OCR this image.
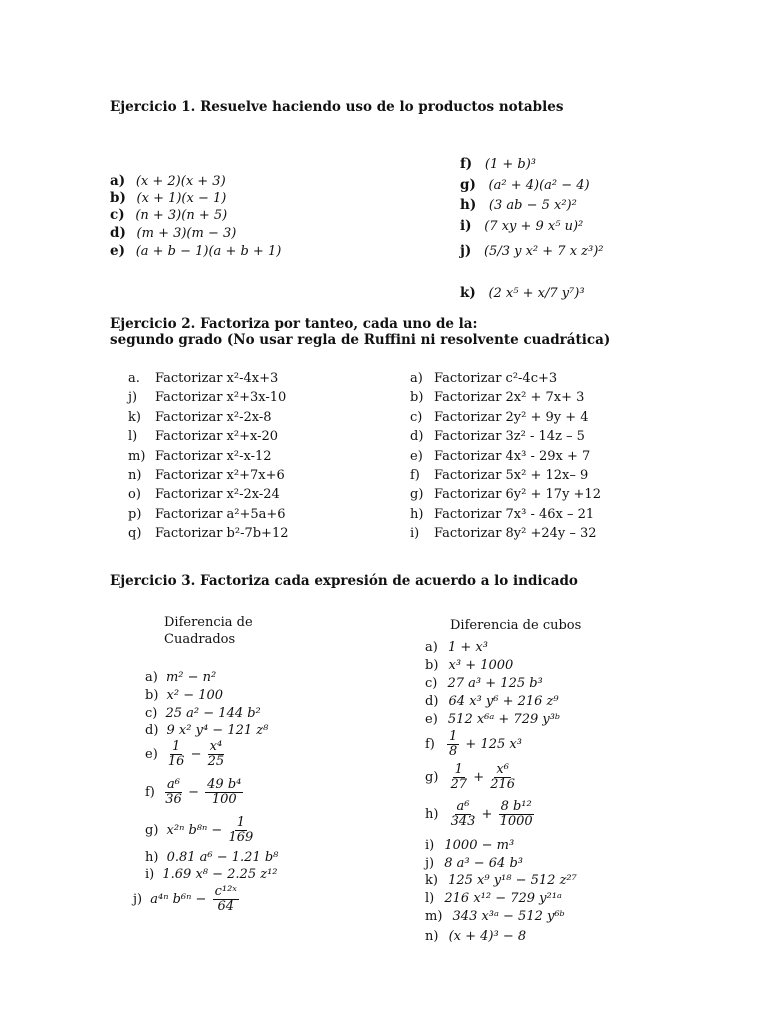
Ejercicio 1. Resuelve haciendo uso de lo productos notables
a) (x + 2)(x + 3)
b) (x + 1)(x − 1)
c) (n + 3)(n + 5)
d) (m + 3)(m − 3)
e) (a + b − 1)(a + b + 1)
f) (1 + b)³
g) (a² + 4)(a² − 4)
h) (3 ab − 5 x²)²
i) (7 xy + 9 x⁵ u)²
j) (5/3 y x² + 7 x z³)²
k) (2 x⁵ + x/7 y⁷)³
Ejercicio 2. Factoriza por tanteo, cada uno de la:
segundo grado (No usar regla de Ruffini ni resolvente cuadrática)
a. Factorizar x²-4x+3
j) Factorizar x²+3x-10
k) Factorizar x²-2x-8
l) Factorizar x²+x-20
m) Factorizar x²-x-12
n) Factorizar x²+7x+6
o) Factorizar x²-2x-24
p) Factorizar a²+5a+6
q) Factorizar b²-7b+12
a) Factorizar c²-4c+3
b) Factorizar 2x² + 7x+ 3
c) Factorizar 2y² + 9y + 4
d) Factorizar 3z² - 14z – 5
e) Factorizar 4x³ - 29x + 7
f) Factorizar 5x² + 12x– 9
g) Factorizar 6y² + 17y +12
h) Factorizar 7x³ - 46x – 21
i) Factorizar 8y² +24y – 32
Ejercicio 3. Factoriza cada expresión de acuerdo a lo indicado
Diferencia de
Cuadrados
Diferencia de cubos
a) m² − n²
b) x² − 100
c) 25 a² − 144 b²
d) 9 x² y⁴ − 121 z⁸
$e) \frac{1}{16} - \frac{\text{x⁴}}{25}$
$f) \frac{\text{a⁶}}{36} - \frac{\text{49 b⁴}}{100}$
g) x²ⁿ $b^{8n} - \frac{1}{169}$
h) 0.81 a⁶ − 1.21 b⁸
i) 1.69 x⁸ − 2.25 z¹²
j) a⁴ⁿ $b^{6n} - \frac{\text{c¹²ˣ}}{64}$
a) 1 + x³
b) x³ + 1000
c) 27 a³ + 125 b³
d) 64 x³ y⁶ + 216 z⁹
e) 512 x⁶ᵃ + 729 y³ᵇ
$f) \frac{1}{8} + 125$ x³
$g) \frac{1}{27} + \frac{\text{x⁶}}{216}$
$h) \frac{\text{a⁶}}{343} + \frac{\text{8 b¹²}}{1000}$
i) 1000 − m³
j) 8 a³ − 64 b³
k) 125 x⁹ y¹⁸ − 512 z²⁷
l) 216 x¹² − 729 y²¹ᵃ
m) 343 x³ᵃ − 512 y⁶ᵇ
n) (x + 4)³ − 8
